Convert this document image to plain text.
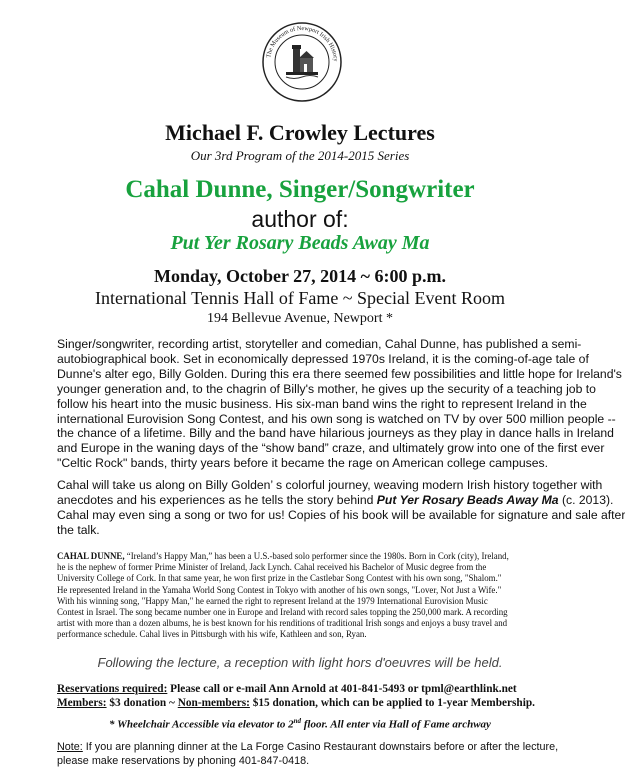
The Museum of Newport Irish History
Michael F. Crowley Lectures
Our 3rd Program of the 2014-2015 Series
Cahal Dunne, Singer/Songwriter
author of:
Put Yer Rosary Beads Away Ma
Monday, October 27, 2014 ~ 6:00 p.m.
International Tennis Hall of Fame ~ Special Event Room
194 Bellevue Avenue, Newport *
Singer/songwriter, recording artist, storyteller and comedian, Cahal Dunne, has published a semi-
autobiographical book. Set in economically depressed 1970s Ireland, it is the coming-of-age tale of
Dunne's alter ego, Billy Golden. During this era there seemed few possibilities and little hope for Ireland's
younger generation and, to the chagrin of Billy's mother, he gives up the security of a teaching job to
follow his heart into the music business. His six-man band wins the right to represent Ireland in the
international Eurovision Song Contest, and his own song is watched on TV by over 500 million people --
the chance of a lifetime. Billy and the band have hilarious journeys as they play in dance halls in Ireland
and Europe in the waning days of the “show band” craze, and ultimately grow into one of the first ever
"Celtic Rock" bands, thirty years before it became the rage on American college campuses.
Cahal will take us along on Billy Golden’ s colorful journey, weaving modern Irish history together with
anecdotes and his experiences as he tells the story behind Put Yer Rosary Beads Away Ma (c. 2013).
Cahal may even sing a song or two for us! Copies of his book will be available for signature and sale after
the talk.
CAHAL DUNNE, “Ireland’s Happy Man,” has been a U.S.-based solo performer since the 1980s. Born in Cork (city), Ireland,
he is the nephew of former Prime Minister of Ireland, Jack Lynch. Cahal received his Bachelor of Music degree from the
University College of Cork. In that same year, he won first prize in the Castlebar Song Contest with his own song, "Shalom."
He represented Ireland in the Yamaha World Song Contest in Tokyo with another of his own songs, "Lover, Not Just a Wife."
With his winning song, "Happy Man," he earned the right to represent Ireland at the 1979 International Eurovision Music
Contest in Israel. The song became number one in Europe and Ireland with record sales topping the 250,000 mark. A recording
artist with more than a dozen albums, he is best known for his renditions of traditional Irish songs and enjoys a busy travel and
performance schedule. Cahal lives in Pittsburgh with his wife, Kathleen and son, Ryan.
Following the lecture, a reception with light hors d'oeuvres will be held.
Reservations required: Please call or e-mail Ann Arnold at 401-841-5493 or tpml@earthlink.net
Members: $3 donation ~ Non-members: $15 donation, which can be applied to 1-year Membership.
* Wheelchair Accessible via elevator to 2nd floor. All enter via Hall of Fame archway
Note: If you are planning dinner at the La Forge Casino Restaurant downstairs before or after the lecture,
please make reservations by phoning 401-847-0418.
